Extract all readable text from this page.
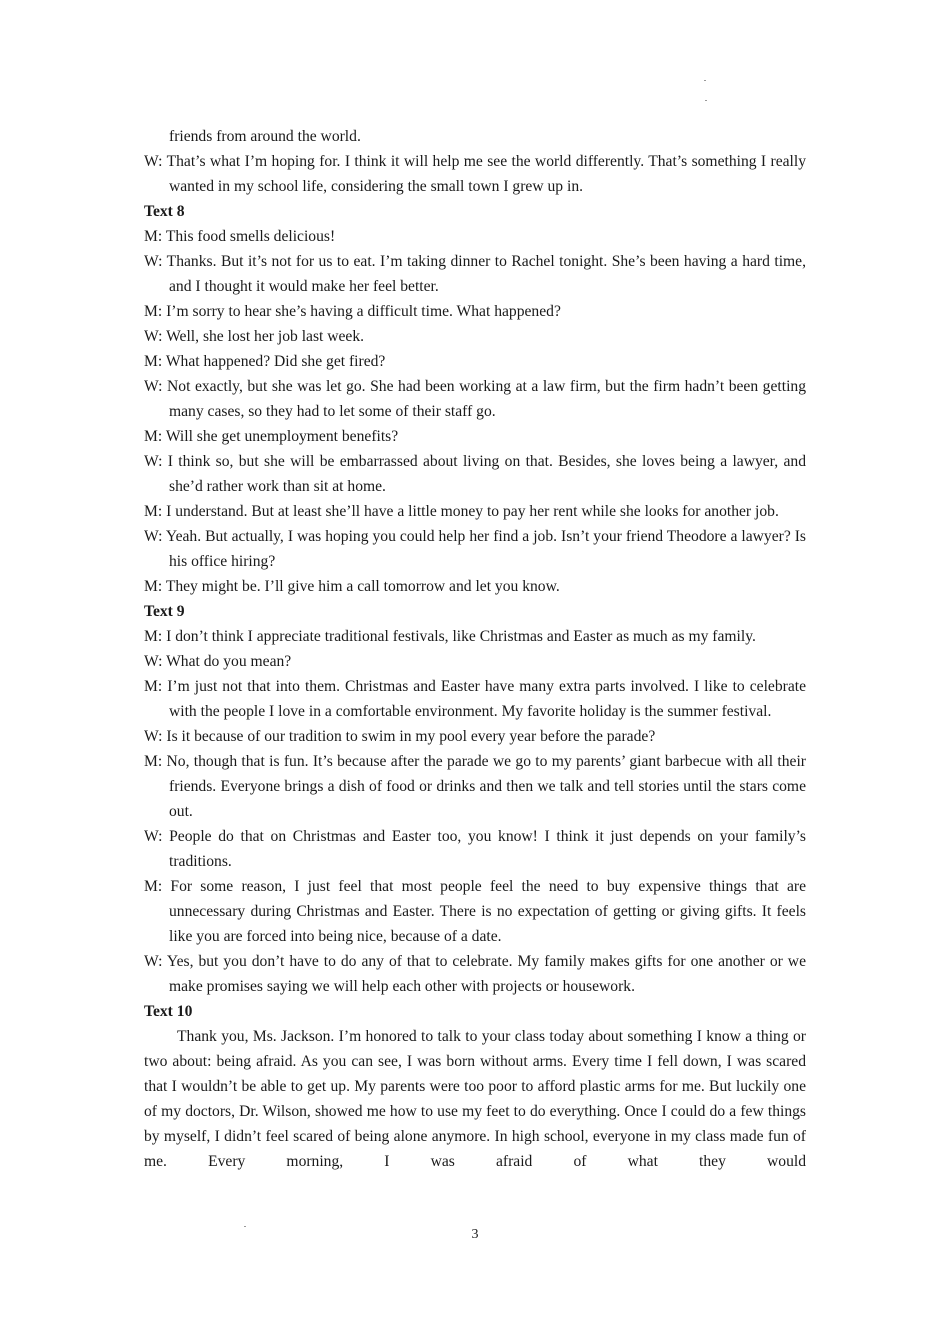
friends from around the world.

W: That’s what I’m hoping for. I think it will help me see the world differently. That’s something I really wanted in my school life, considering the small town I grew up in.

Text 8

M: This food smells delicious!

W: Thanks. But it’s not for us to eat. I’m taking dinner to Rachel tonight. She’s been having a hard time, and I thought it would make her feel better.

M: I’m sorry to hear she’s having a difficult time. What happened?

W: Well, she lost her job last week.

M: What happened? Did she get fired?

W: Not exactly, but she was let go. She had been working at a law firm, but the firm hadn’t been getting many cases, so they had to let some of their staff go.

M: Will she get unemployment benefits?

W: I think so, but she will be embarrassed about living on that. Besides, she loves being a lawyer, and she’d rather work than sit at home.

M: I understand. But at least she’ll have a little money to pay her rent while she looks for another job.

W: Yeah. But actually, I was hoping you could help her find a job. Isn’t your friend Theodore a lawyer? Is his office hiring?

M: They might be. I’ll give him a call tomorrow and let you know.

Text 9

M: I don’t think I appreciate traditional festivals, like Christmas and Easter as much as my family.

W: What do you mean?

M: I’m just not that into them. Christmas and Easter have many extra parts involved. I like to celebrate with the people I love in a comfortable environment. My favorite holiday is the summer festival.

W: Is it because of our tradition to swim in my pool every year before the parade?

M: No, though that is fun. It’s because after the parade we go to my parents’ giant barbecue with all their friends. Everyone brings a dish of food or drinks and then we talk and tell stories until the stars come out.

W: People do that on Christmas and Easter too, you know! I think it just depends on your family’s traditions.

M: For some reason, I just feel that most people feel the need to buy expensive things that are unnecessary during Christmas and Easter. There is no expectation of getting or giving gifts. It feels like you are forced into being nice, because of a date.

W: Yes, but you don’t have to do any of that to celebrate. My family makes gifts for one another or we make promises saying we will help each other with projects or housework.

Text 10

Thank you, Ms. Jackson. I’m honored to talk to your class today about something I know a thing or two about: being afraid. As you can see, I was born without arms. Every time I fell down, I was scared that I wouldn’t be able to get up. My parents were too poor to afford plastic arms for me. But luckily one of my doctors, Dr. Wilson, showed me how to use my feet to do everything. Once I could do a few things by myself, I didn’t feel scared of being alone anymore. In high school, everyone in my class made fun of me. Every morning, I was afraid of what they would

3
